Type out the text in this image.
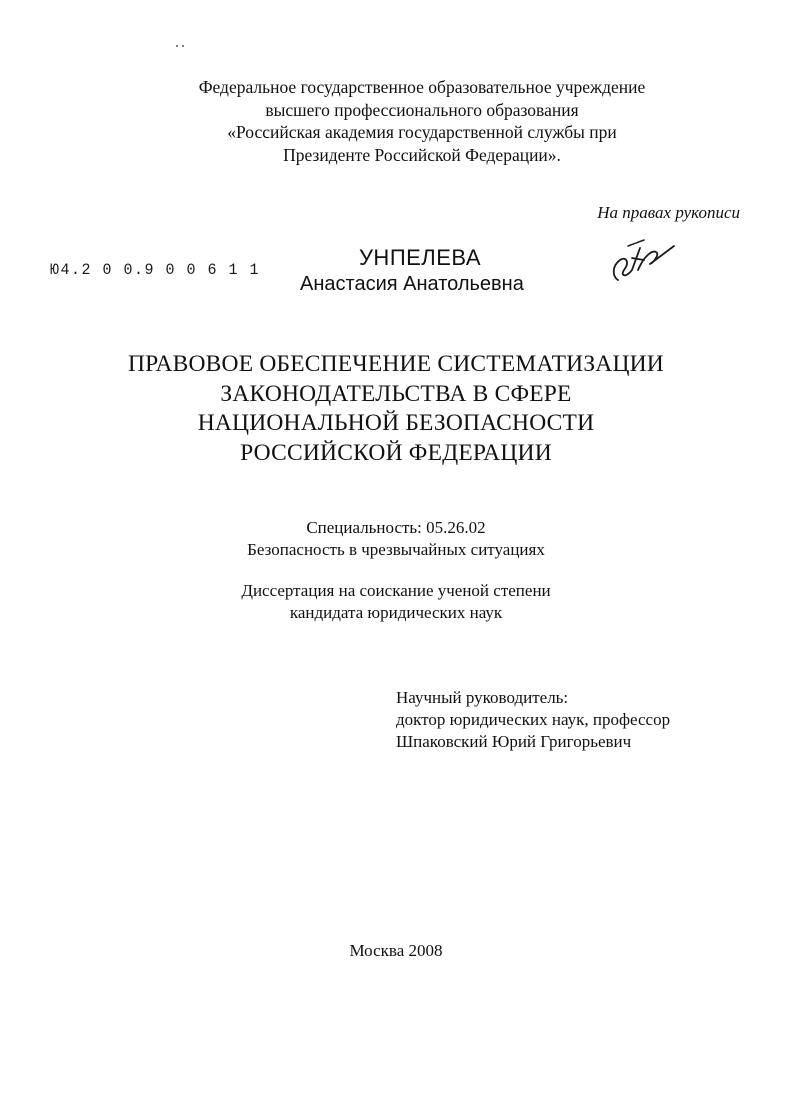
Федеральное государственное образовательное учреждение
высшего профессионального образования
«Российская академия государственной службы при
Президенте Российской Федерации».
На правах рукописи
Ю4.2 0 0.9 0 0 6 1 1
УНПЕЛЕВА
Анастасия Анатольевна
ПРАВОВОЕ ОБЕСПЕЧЕНИЕ СИСТЕМАТИЗАЦИИ
ЗАКОНОДАТЕЛЬСТВА В СФЕРЕ
НАЦИОНАЛЬНОЙ БЕЗОПАСНОСТИ
РОССИЙСКОЙ ФЕДЕРАЦИИ
Специальность: 05.26.02
Безопасность в чрезвычайных ситуациях
Диссертация на соискание ученой степени
кандидата юридических наук
Научный руководитель:
доктор юридических наук, профессор
Шпаковский Юрий Григорьевич
Москва 2008
